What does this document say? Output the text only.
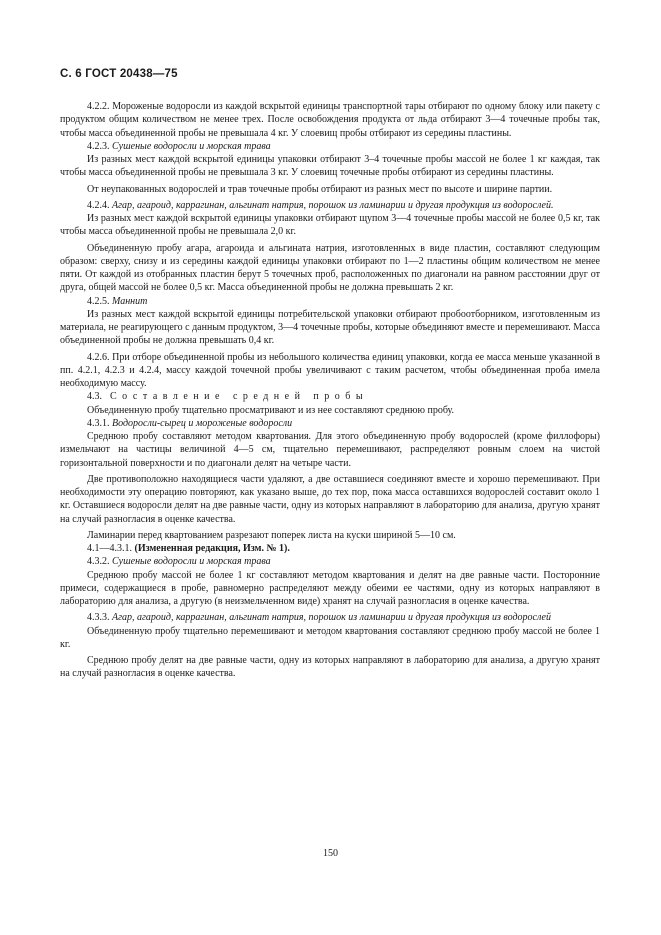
С. 6 ГОСТ 20438—75

4.2.2. Мороженые водоросли из каждой вскрытой единицы транспортной тары отбирают по одному блоку или пакету с продуктом общим количеством не менее трех. После освобождения продукта от льда отбирают 3—4 точечные пробы так, чтобы масса объединенной пробы не превышала 4 кг. У слоевищ пробы отбирают из середины пластины.

4.2.3. Сушеные водоросли и морская трава

Из разных мест каждой вскрытой единицы упаковки отбирают 3–4 точечные пробы массой не более 1 кг каждая, так чтобы масса объединенной пробы не превышала 3 кг. У слоевищ точечные пробы отбирают из середины пластины.

От неупакованных водорослей и трав точечные пробы отбирают из разных мест по высоте и ширине партии.

4.2.4. Агар, агароид, каррагинан, альгинат натрия, порошок из ламинарии и другая продукция из водорослей.

Из разных мест каждой вскрытой единицы упаковки отбирают щупом 3—4 точечные пробы массой не более 0,5 кг, так чтобы масса объединенной пробы не превышала 2,0 кг.

Объединенную пробу агара, агароида и альгината натрия, изготовленных в виде пластин, составляют следующим образом: сверху, снизу и из середины каждой единицы упаковки отбирают по 1—2 пластины общим количеством не менее пяти. От каждой из отобранных пластин берут 5 точечных проб, расположенных по диагонали на равном расстоянии друг от друга, общей массой не более 0,5 кг. Масса объединенной пробы не должна превышать 2 кг.

4.2.5. Маннит

Из разных мест каждой вскрытой единицы потребительской упаковки отбирают пробоотборником, изготовленным из материала, не реагирующего с данным продуктом, 3—4 точечные пробы, которые объединяют вместе и перемешивают. Масса объединенной пробы не должна превышать 0,4 кг.

4.2.6. При отборе объединенной пробы из небольшого количества единиц упаковки, когда ее масса меньше указанной в пп. 4.2.1, 4.2.3 и 4.2.4, массу каждой точечной пробы увеличивают с таким расчетом, чтобы объединенная проба имела необходимую массу.

4.3. Составление средней пробы

Объединенную пробу тщательно просматривают и из нее составляют среднюю пробу.

4.3.1. Водоросли-сырец и мороженые водоросли

Среднюю пробу составляют методом квартования. Для этого объединенную пробу водорослей (кроме филлофоры) измельчают на частицы величиной 4—5 см, тщательно перемешивают, распределяют ровным слоем на чистой горизонтальной поверхности и по диагонали делят на четыре части.

Две противоположно находящиеся части удаляют, а две оставшиеся соединяют вместе и хорошо перемешивают. При необходимости эту операцию повторяют, как указано выше, до тех пор, пока масса оставшихся водорослей составит около 1 кг. Оставшиеся водоросли делят на две равные части, одну из которых направляют в лабораторию для анализа, другую хранят на случай разногласия в оценке качества.

Ламинарии перед квартованием разрезают поперек листа на куски шириной 5—10 см.

4.1—4.3.1. (Измененная редакция, Изм. № 1).

4.3.2. Сушеные водоросли и морская трава

Среднюю пробу массой не более 1 кг составляют методом квартования и делят на две равные части. Посторонние примеси, содержащиеся в пробе, равномерно распределяют между обеими ее частями, одну из которых направляют в лабораторию для анализа, а другую (в неизмельченном виде) хранят на случай разногласия в оценке качества.

4.3.3. Агар, агароид, каррагинан, альгинат натрия, порошок из ламинарии и другая продукция из водорослей

Объединенную пробу тщательно перемешивают и методом квартования составляют среднюю пробу массой не более 1 кг.

Среднюю пробу делят на две равные части, одну из которых направляют в лабораторию для анализа, а другую хранят на случай разногласия в оценке качества.

150
